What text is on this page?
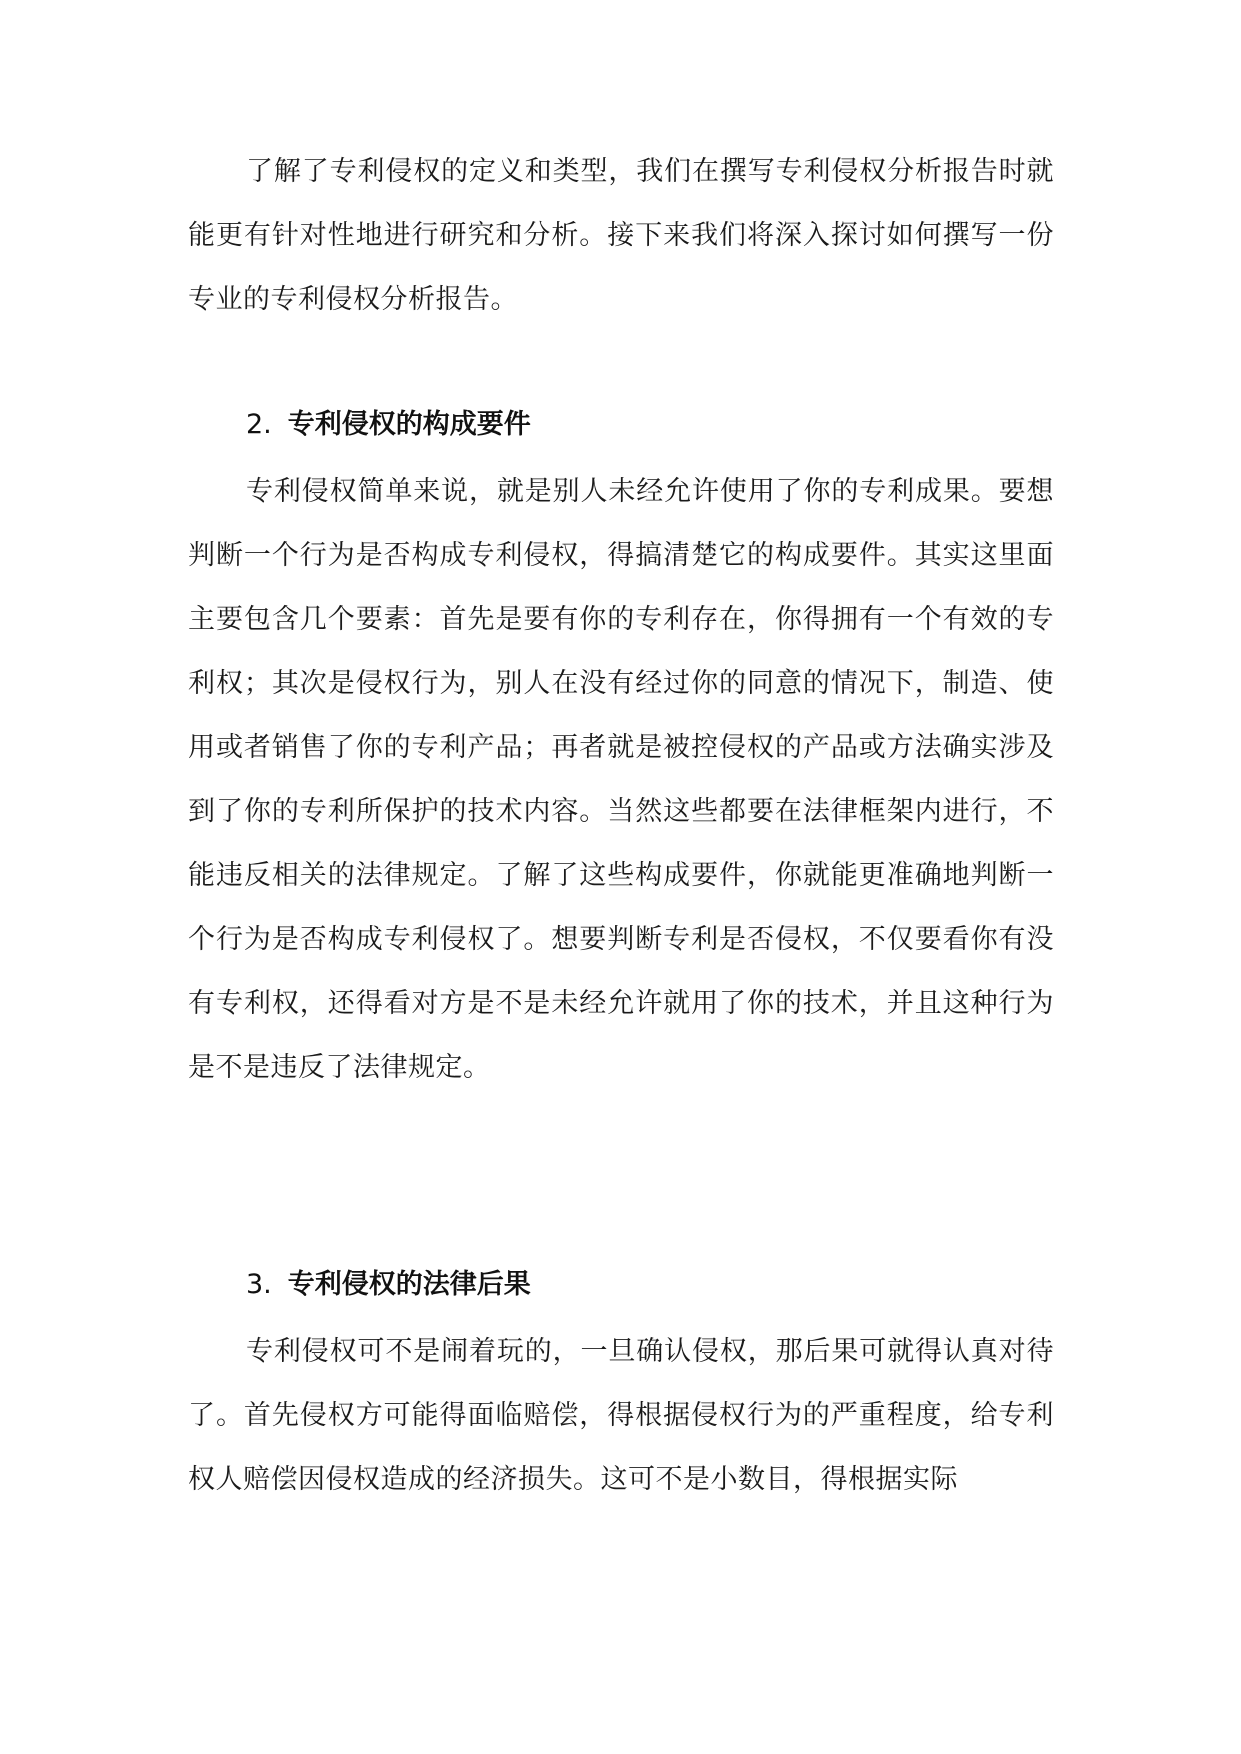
了解了专利侵权的定义和类型，我们在撰写专利侵权分析报告时就能更有针对性地进行研究和分析。接下来我们将深入探讨如何撰写一份专业的专利侵权分析报告。

2. 专利侵权的构成要件

专利侵权简单来说，就是别人未经允许使用了你的专利成果。要想判断一个行为是否构成专利侵权，得搞清楚它的构成要件。其实这里面主要包含几个要素：首先是要有你的专利存在，你得拥有一个有效的专利权；其次是侵权行为，别人在没有经过你的同意的情况下，制造、使用或者销售了你的专利产品；再者就是被控侵权的产品或方法确实涉及到了你的专利所保护的技术内容。当然这些都要在法律框架内进行，不能违反相关的法律规定。了解了这些构成要件，你就能更准确地判断一个行为是否构成专利侵权了。想要判断专利是否侵权，不仅要看你有没有专利权，还得看对方是不是未经允许就用了你的技术，并且这种行为是不是违反了法律规定。

3. 专利侵权的法律后果

专利侵权可不是闹着玩的，一旦确认侵权，那后果可就得认真对待了。首先侵权方可能得面临赔偿，得根据侵权行为的严重程度，给专利权人赔偿因侵权造成的经济损失。这可不是小数目，得根据实际
